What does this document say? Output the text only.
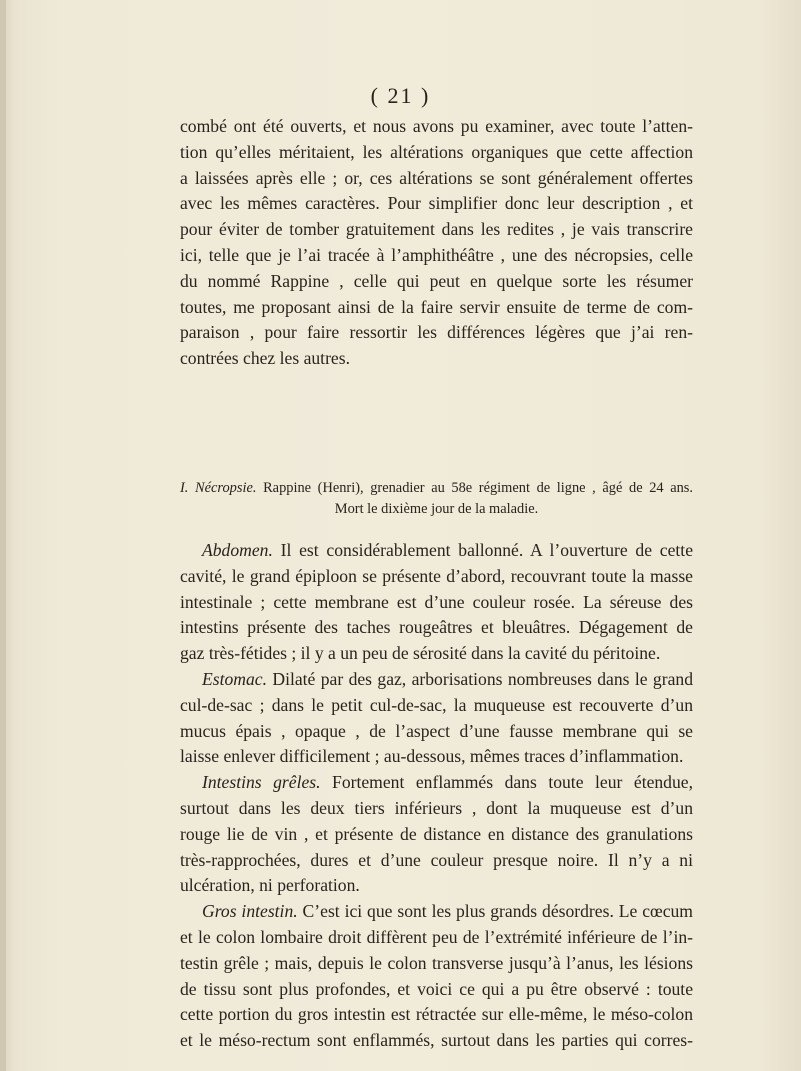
( 21 )
combé ont été ouverts, et nous avons pu examiner, avec toute l’atten-
tion qu’elles méritaient, les altérations organiques que cette affection
a laissées après elle ; or, ces altérations se sont généralement offertes
avec les mêmes caractères. Pour simplifier donc leur description , et
pour éviter de tomber gratuitement dans les redites , je vais transcrire
ici, telle que je l’ai tracée à l’amphithéâtre , une des nécropsies, celle
du nommé Rappine , celle qui peut en quelque sorte les résumer
toutes, me proposant ainsi de la faire servir ensuite de terme de com-
paraison , pour faire ressortir les différences légères que j’ai ren-
contrées chez les autres.
I. Nécropsie. Rappine (Henri), grenadier au 58e régiment de ligne , âgé de 24 ans.
Mort le dixième jour de la maladie.
Abdomen. Il est considérablement ballonné. A l’ouverture de cette
cavité, le grand épiploon se présente d’abord, recouvrant toute la masse
intestinale ; cette membrane est d’une couleur rosée. La séreuse des
intestins présente des taches rougeâtres et bleuâtres. Dégagement de
gaz très-fétides ; il y a un peu de sérosité dans la cavité du péritoine.
Estomac. Dilaté par des gaz, arborisations nombreuses dans le grand
cul-de-sac ; dans le petit cul-de-sac, la muqueuse est recouverte d’un
mucus épais , opaque , de l’aspect d’une fausse membrane qui se
laisse enlever difficilement ; au-dessous, mêmes traces d’inflammation.
Intestins grêles. Fortement enflammés dans toute leur étendue,
surtout dans les deux tiers inférieurs , dont la muqueuse est d’un
rouge lie de vin , et présente de distance en distance des granulations
très-rapprochées, dures et d’une couleur presque noire. Il n’y a ni
ulcération, ni perforation.
Gros intestin. C’est ici que sont les plus grands désordres. Le cœcum
et le colon lombaire droit diffèrent peu de l’extrémité inférieure de l’in-
testin grêle ; mais, depuis le colon transverse jusqu’à l’anus, les lésions
de tissu sont plus profondes, et voici ce qui a pu être observé : toute
cette portion du gros intestin est rétractée sur elle-même, le méso-colon
et le méso-rectum sont enflammés, surtout dans les parties qui corres-
